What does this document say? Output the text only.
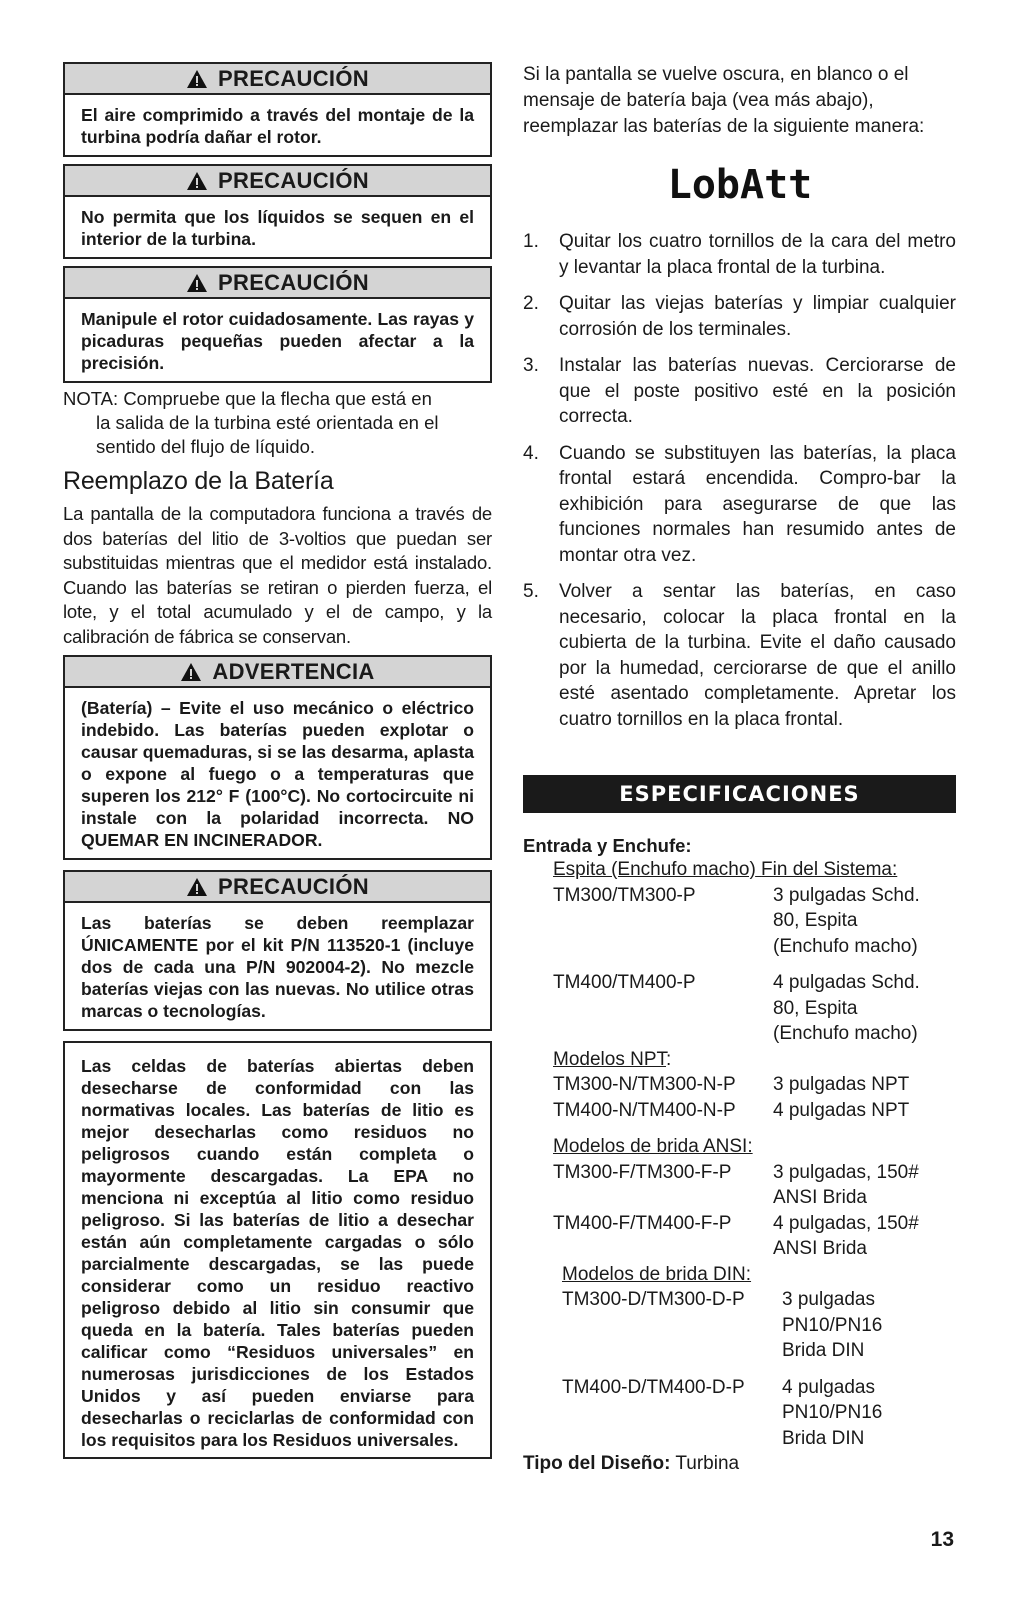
PRECAUCIÓN
El aire comprimido a través del montaje de la turbina podría dañar el rotor.
PRECAUCIÓN
No permita que los líquidos se sequen en el interior de la turbina.
PRECAUCIÓN
Manipule el rotor cuidadosamente. Las rayas y picaduras pequeñas pueden afectar a la precisión.
NOTA: Compruebe que la flecha que está en
la salida de la turbina esté orientada en el sentido del flujo de líquido.
Reemplazo de la Batería

La pantalla de la computadora funciona a través de dos baterías del litio de 3-voltios que puedan ser substituidas mientras que el medidor está instalado. Cuando las baterías se retiran o pierden fuerza, el lote, y el total acumulado y el de campo, y la calibración de fábrica se conservan.

ADVERTENCIA
(Batería) – Evite el uso mecánico o eléctrico indebido. Las baterías pueden explotar o causar quemaduras, si se las desarma, aplasta o expone al fuego o a temperaturas que superen los 212° F (100°C). No cortocircuite ni instale con la polaridad incorrecta. NO QUEMAR EN INCINERADOR.
PRECAUCIÓN
Las baterías se deben reemplazar ÚNICAMENTE por el kit P/N 113520-1 (incluye dos de cada una P/N 902004-2). No mezcle baterías viejas con las nuevas. No utilice otras marcas o tecnologías.
Las celdas de baterías abiertas deben desecharse de conformidad con las normativas locales. Las baterías de litio es mejor desecharlas como residuos no peligrosos cuando están completa o mayormente descargadas. La EPA no menciona ni exceptúa al litio como residuo peligroso. Si las baterías de litio a desechar están aún completamente cargadas o sólo parcialmente descargadas, se las puede considerar como un residuo reactivo peligroso debido al litio sin consumir que queda en la batería. Tales baterías pueden calificar como “Residuos universales” en numerosas jurisdicciones de los Estados Unidos y así pueden enviarse para desecharlas o reciclarlas de conformidad con los requisitos para los Residuos universales.

Si la pantalla se vuelve oscura, en blanco o el mensaje de batería baja (vea más abajo), reemplazar las baterías de la siguiente manera:

LobAtt
1.	Quitar los cuatro tornillos de la cara del metro y levantar la placa frontal de la turbina.
2.	Quitar las viejas baterías y limpiar cualquier corrosión de los terminales.
3.	Instalar las baterías nuevas. Cerciorarse de que el poste positivo esté en la posición correcta.
4.	Cuando se substituyen las baterías, la placa frontal estará encendida. Compro-bar la exhibición para asegurarse de que las funciones normales han resumido antes de montar otra vez.
5.	Volver a sentar las baterías, en caso necesario, colocar la placa frontal en la cubierta de la turbina. Evite el daño causado por la humedad, cerciorarse de que el anillo esté asentado completamente. Apretar los cuatro tornillos en la placa frontal.
ESPECIFICACIONES
Entrada y Enchufe:
Espita (Enchufo macho) Fin del Sistema:
TM300/TM300-P	3 pulgadas Schd.
80, Espita
(Enchufo macho)
TM400/TM400-P	4 pulgadas Schd.
80, Espita
(Enchufo macho)
Modelos NPT:
TM300-N/TM300-N-P	3 pulgadas NPT
TM400-N/TM400-N-P	4 pulgadas NPT
Modelos de brida ANSI:
TM300-F/TM300-F-P	3 pulgadas, 150#
ANSI Brida
TM400-F/TM400-F-P	4 pulgadas, 150#
ANSI Brida
Modelos de brida DIN:
TM300-D/TM300-D-P	3 pulgadas
PN10/PN16
Brida DIN
TM400-D/TM400-D-P	4 pulgadas
PN10/PN16
Brida DIN
Tipo del Diseño: Turbina
13
